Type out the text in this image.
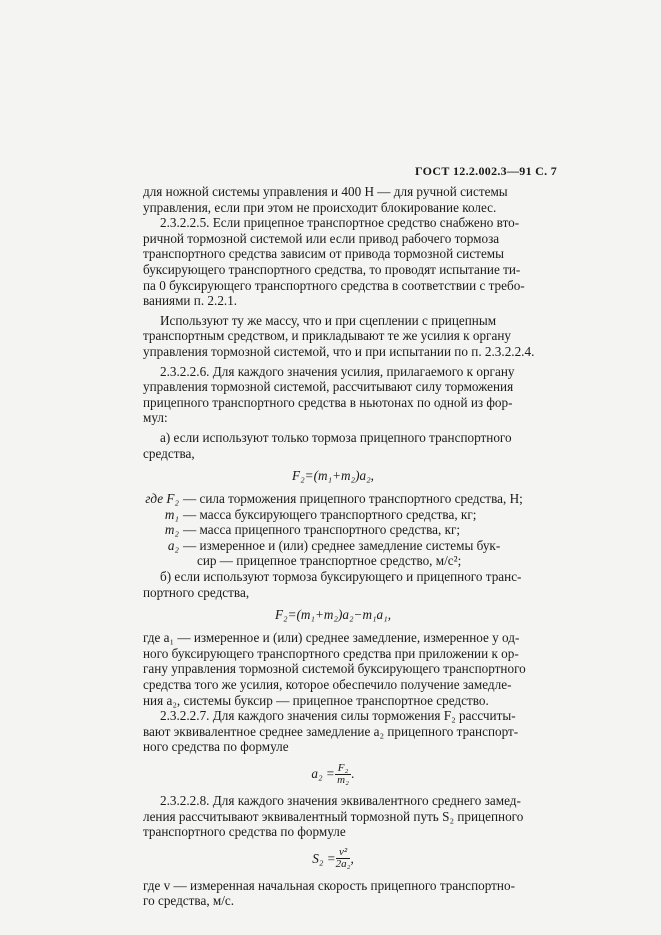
ГОСТ 12.2.002.3—91 С. 7
для ножной системы управления и 400 Н — для ручной системы
управления, если при этом не происходит блокирование колес.
2.3.2.2.5. Если прицепное транспортное средство снабжено вто-
ричной тормозной системой или если привод рабочего тормоза
транспортного средства зависим от привода тормозной системы
буксирующего транспортного средства, то проводят испытание ти-
па 0 буксирующего транспортного средства в соответствии с требо-
ваниями п. 2.2.1.
Используют ту же массу, что и при сцеплении с прицепным
транспортным средством, и прикладывают те же усилия к органу
управления тормозной системой, что и при испытании по п. 2.3.2.2.4.
2.3.2.2.6. Для каждого значения усилия, прилагаемого к органу
управления тормозной системой, рассчитывают силу торможения
прицепного транспортного средства в ньютонах по одной из фор-
мул:
а) если используют только тормоза прицепного транспортного
средства,
F₂=(m₁+m₂)a₂,
где F₂ — сила торможения прицепного транспортного средства, Н;
m₁ — масса буксирующего транспортного средства, кг;
m₂ — масса прицепного транспортного средства, кг;
a₂ — измеренное и (или) среднее замедление системы бук-
сир — прицепное транспортное средство, м/с²;
б) если используют тормоза буксирующего и прицепного транс-
портного средства,
F₂=(m₁+m₂)a₂−m₁a₁,
где a₁ — измеренное и (или) среднее замедление, измеренное у од-
ного буксирующего транспортного средства при приложении к ор-
гану управления тормозной системой буксирующего транспортного
средства того же усилия, которое обеспечило получение замедле-
ния a₂, системы буксир — прицепное транспортное средство.
2.3.2.2.7. Для каждого значения силы торможения F₂ рассчиты-
вают эквивалентное среднее замедление a₂ прицепного транспорт-
ного средства по формуле
$a_2 = \frac{\text{F₂}}{\text{m₂}}$ .
2.3.2.2.8. Для каждого значения эквивалентного среднего замед-
ления рассчитывают эквивалентный тормозной путь S₂ прицепного
транспортного средства по формуле
$S_2 = \frac{\text{v²}}{\text{2a₂}}$ ,
где v — измеренная начальная скорость прицепного транспортно-
го средства, м/с.
